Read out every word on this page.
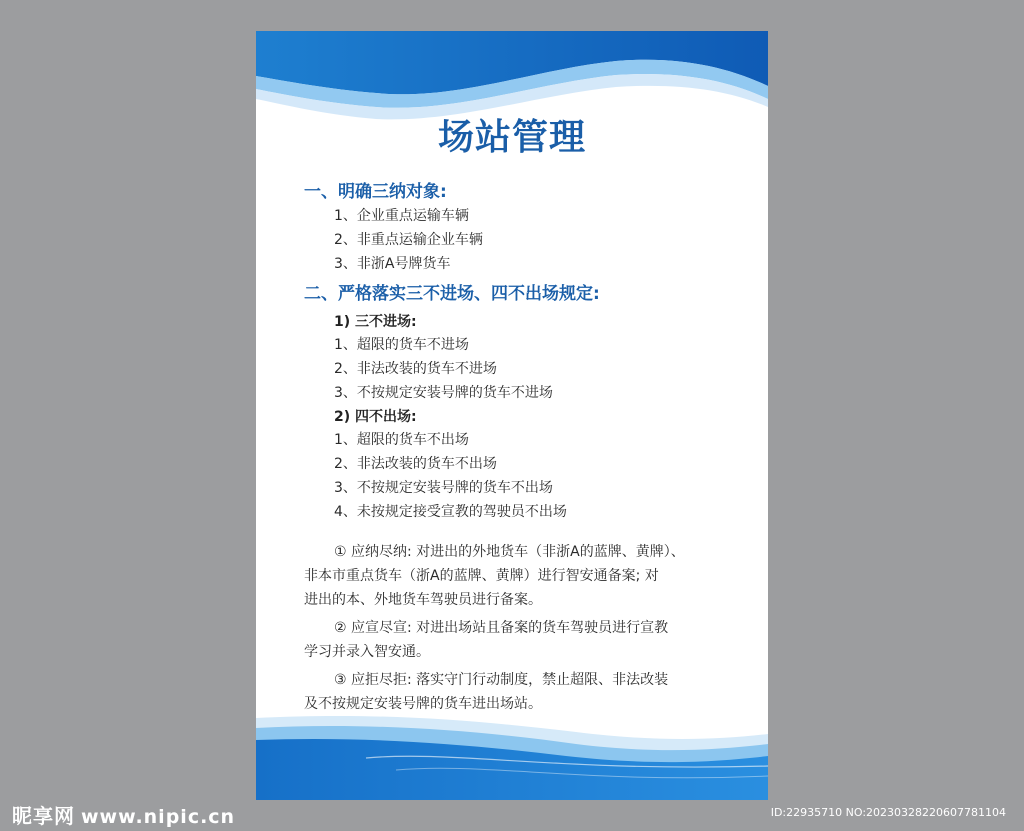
场站管理
一、明确三纳对象:
1、企业重点运输车辆
2、非重点运输企业车辆
3、非浙A号牌货车
二、严格落实三不进场、四不出场规定:
1) 三不进场:
1、超限的货车不进场
2、非法改装的货车不进场
3、不按规定安装号牌的货车不进场
2) 四不出场:
1、超限的货车不出场
2、非法改装的货车不出场
3、不按规定安装号牌的货车不出场
4、未按规定接受宣教的驾驶员不出场
① 应纳尽纳: 对进出的外地货车（非浙A的蓝牌、黄牌）、
非本市重点货车（浙A的蓝牌、黄牌）进行智安通备案; 对
进出的本、外地货车驾驶员进行备案。
② 应宣尽宣: 对进出场站且备案的货车驾驶员进行宣教
学习并录入智安通。
③ 应拒尽拒: 落实守门行动制度，禁止超限、非法改装
及不按规定安装号牌的货车进出场站。
昵享网 www.nipic.cn	ID:22935710 NO:20230328220607781104
